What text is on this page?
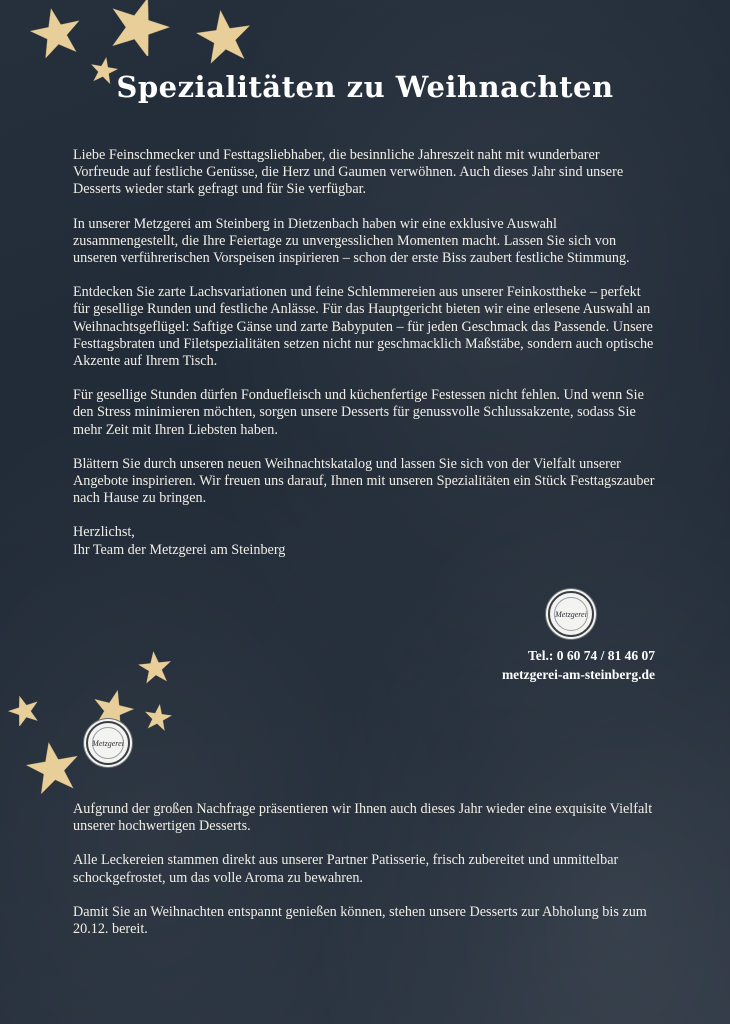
Spezialitäten zu Weihnachten

Liebe Feinschmecker und Festtagsliebhaber, die besinnliche Jahreszeit naht mit wunderbarer Vorfreude auf festliche Genüsse, die Herz und Gaumen verwöhnen. Auch dieses Jahr sind unsere Desserts wieder stark gefragt und für Sie verfügbar.

In unserer Metzgerei am Steinberg in Dietzenbach haben wir eine exklusive Auswahl zusammengestellt, die Ihre Feiertage zu unvergesslichen Momenten macht. Lassen Sie sich von unseren verführerischen Vorspeisen inspirieren – schon der erste Biss zaubert festliche Stimmung.

Entdecken Sie zarte Lachsvariationen und feine Schlemmereien aus unserer Feinkosttheke – perfekt für gesellige Runden und festliche Anlässe. Für das Hauptgericht bieten wir eine erlesene Auswahl an Weihnachtsgeflügel: Saftige Gänse und zarte Babyputen – für jeden Geschmack das Passende. Unsere Festtagsbraten und Filetspezialitäten setzen nicht nur geschmacklich Maßstäbe, sondern auch optische Akzente auf Ihrem Tisch.

Für gesellige Stunden dürfen Fonduefleisch und küchenfertige Festessen nicht fehlen. Und wenn Sie den Stress minimieren möchten, sorgen unsere Desserts für genussvolle Schlussakzente, sodass Sie mehr Zeit mit Ihren Liebsten haben.

Blättern Sie durch unseren neuen Weihnachtskatalog und lassen Sie sich von der Vielfalt unserer Angebote inspirieren. Wir freuen uns darauf, Ihnen mit unseren Spezialitäten ein Stück Festtagszauber nach Hause zu bringen.

Herzlichst,

Ihr Team der Metzgerei am Steinberg

Metzgerei
Tel.: 0 60 74 / 81 46 07
metzgerei-am-steinberg.de
Metzgerei

Aufgrund der großen Nachfrage präsentieren wir Ihnen auch dieses Jahr wieder eine exquisite Vielfalt unserer hochwertigen Desserts.

Alle Leckereien stammen direkt aus unserer Partner Patisserie, frisch zubereitet und unmittelbar schockgefrostet, um das volle Aroma zu bewahren.

Damit Sie an Weihnachten entspannt genießen können, stehen unsere Desserts zur Abholung bis zum 20.12. bereit.
